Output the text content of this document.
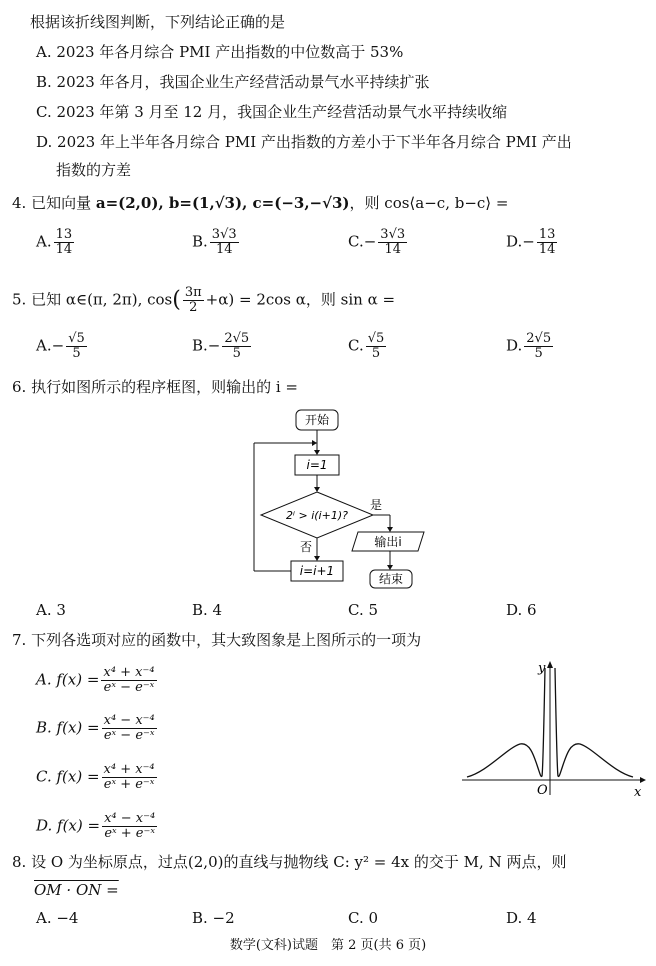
根据该折线图判断，下列结论正确的是
A. 2023 年各月综合 PMI 产出指数的中位数高于 53%
B. 2023 年各月，我国企业生产经营活动景气水平持续扩张
C. 2023 年第 3 月至 12 月，我国企业生产经营活动景气水平持续收缩
D. 2023 年上半年各月综合 PMI 产出指数的方差小于下半年各月综合 PMI 产出
指数的方差
4. 已知向量 a=(2,0), b=(1,√3), c=(−3,−√3)，则 cos⟨a−c, b−c⟩ =
A. $\frac{13}{14}$	B. $\frac{3√3}{14}$	$C.- \frac{3√3}{14}$	$D.- \frac{13}{14}$
5. 已知 α∈(π, 2π), $\cos( \frac{3\pi}{2} +\alpha) = 2\cos$ α，则 sin α =
$A.- \frac{√5}{5}$	$B.- \frac{2√5}{5}$	C. $\frac{√5}{5}$	D. $\frac{2√5}{5}$
6. 执行如图所示的程序框图，则输出的 i =
开始
i=1
2ⁱ > i(i+1)?
是
输出i
结束
否
i=i+1
A. 3	B. 4	C. 5	D. 6
7. 下列各选项对应的函数中，其大致图象是上图所示的一项为
A. $f(x) = \frac{\text{x⁴ + x⁻⁴}}{\text{eˣ − e⁻ˣ}}$
B. $f(x) = \frac{\text{x⁴ − x⁻⁴}}{\text{eˣ − e⁻ˣ}}$
C. $f(x) = \frac{\text{x⁴ + x⁻⁴}}{\text{eˣ + e⁻ˣ}}$
D. $f(x) = \frac{\text{x⁴ − x⁻⁴}}{\text{eˣ + e⁻ˣ}}$
y
x
O
8. 设 O 为坐标原点，过点(2,0)的直线与抛物线 C: y² = 4x 的交于 M, N 两点，则
OM · ON =
A. −4	B. −2	C. 0	D. 4
数学(文科)试题　第 2 页(共 6 页)
